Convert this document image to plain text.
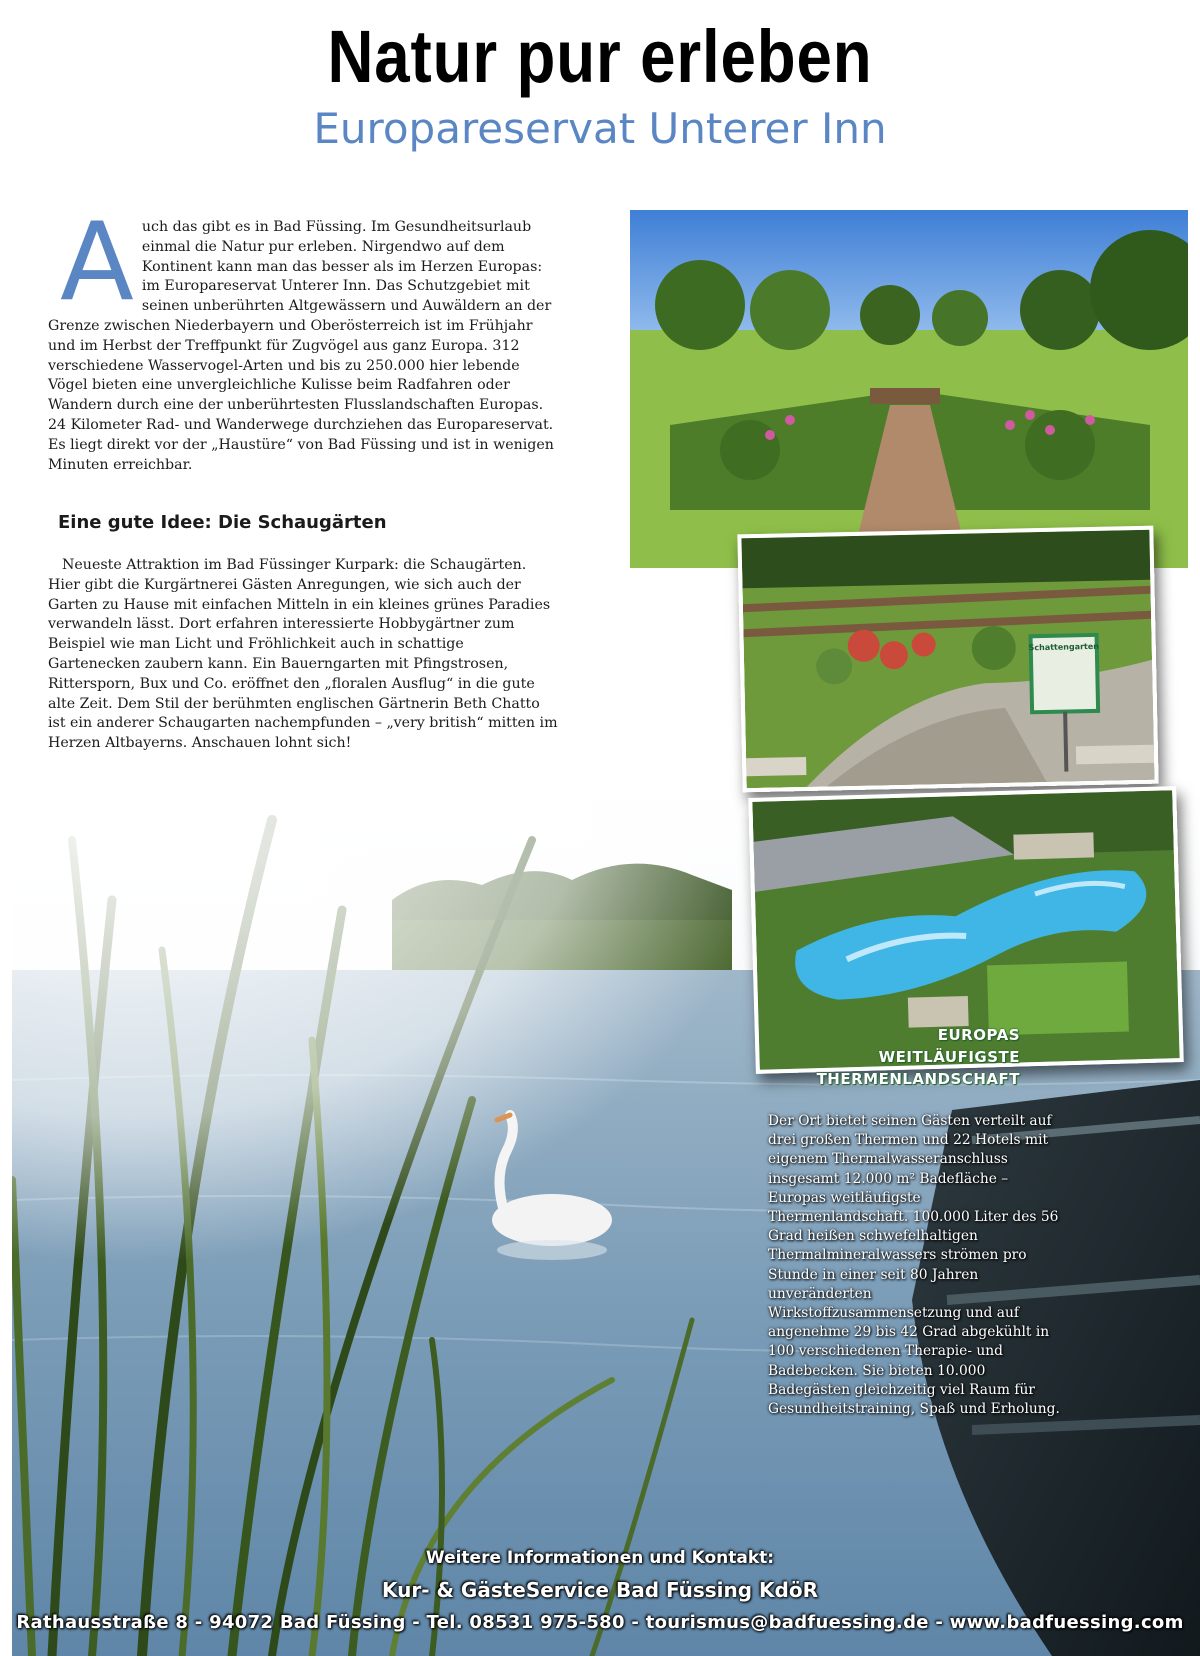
Natur pur erleben
Europareservat Unterer Inn
A uch das gibt es in Bad Füssing. Im Gesundheitsurlaub einmal die Natur pur erleben. Nirgendwo auf dem Kontinent kann man das besser als im Herzen Europas: im Europareservat Unterer Inn. Das Schutzgebiet mit seinen unberührten Altgewässern und Auwäldern an der Grenze zwischen Niederbayern und Oberösterreich ist im Frühjahr und im Herbst der Treffpunkt für Zugvögel aus ganz Europa. 312 verschiedene Wasservogel-Arten und bis zu 250.000 hier lebende Vögel bieten eine unvergleichliche Kulisse beim Radfahren oder Wandern durch eine der unberührtesten Flusslandschaften Europas. 24 Kilometer Rad- und Wanderwege durchziehen das Europareservat. Es liegt direkt vor der „Haustüre“ von Bad Füssing und ist in wenigen Minuten erreichbar.
Eine gute Idee: Die Schaugärten
Neueste Attraktion im Bad Füssinger Kurpark: die Schaugärten. Hier gibt die Kurgärtnerei Gästen Anregungen, wie sich auch der Garten zu Hause mit einfachen Mitteln in ein kleines grünes Paradies verwandeln lässt. Dort erfahren interessierte Hobbygärtner zum Beispiel wie man Licht und Fröhlichkeit auch in schattige Gartenecken zaubern kann. Ein Bauerngarten mit Pfingstrosen, Rittersporn, Bux und Co. eröffnet den „floralen Ausflug“ in die gute alte Zeit. Dem Stil der berühmten englischen Gärtnerin Beth Chatto ist ein anderer Schaugarten nachempfunden – „very british“ mitten im Herzen Altbayerns. Anschauen lohnt sich!
Schattengarten
EUROPAS
WEITLÄUFIGSTE
THERMENLANDSCHAFT
Der Ort bietet seinen Gästen verteilt auf drei großen Thermen und 22 Hotels mit eigenem Thermalwasseranschluss insgesamt 12.000 m² Badefläche – Europas weitläufigste Thermenlandschaft. 100.000 Liter des 56 Grad heißen schwefelhaltigen Thermalmineralwassers strömen pro Stunde in einer seit 80 Jahren unveränderten Wirkstoffzusammensetzung und auf angenehme 29 bis 42 Grad abgekühlt in 100 verschiedenen Therapie- und Badebecken. Sie bieten 10.000 Badegästen gleichzeitig viel Raum für Gesundheitstraining, Spaß und Erholung.
Weitere Informationen und Kontakt:
Kur- & GästeService Bad Füssing KdöR
Rathausstraße 8 - 94072 Bad Füssing - Tel. 08531 975-580 - tourismus@badfuessing.de - www.badfuessing.com
